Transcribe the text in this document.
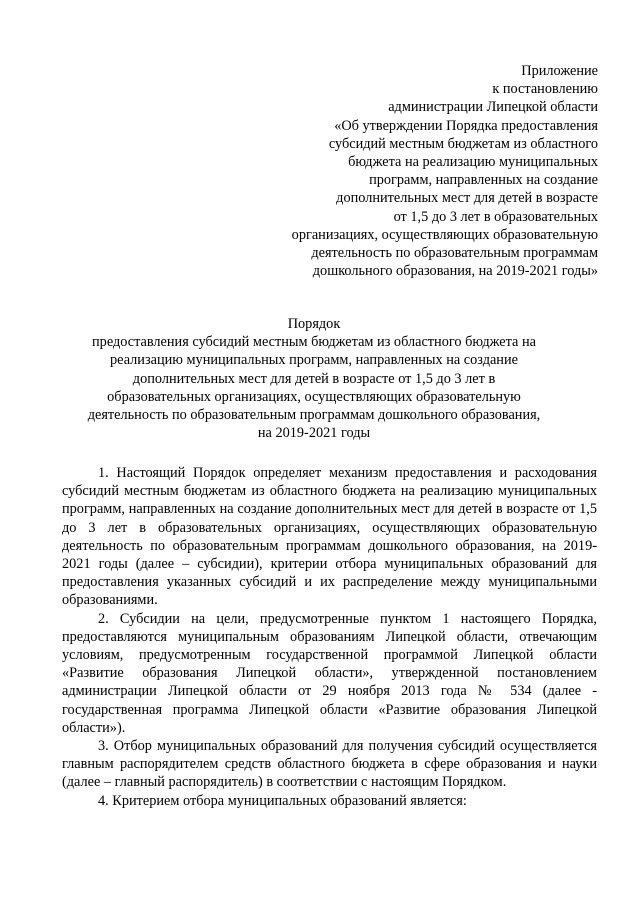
Приложение
к постановлению
администрации Липецкой области
«Об утверждении Порядка предоставления
субсидий местным бюджетам из областного
бюджета на реализацию муниципальных
программ, направленных на создание
дополнительных мест для детей в возрасте
от 1,5 до 3 лет в образовательных
организациях, осуществляющих образовательную
деятельность по образовательным программам
дошкольного образования, на 2019-2021 годы»
Порядок
предоставления субсидий местным бюджетам из областного бюджета на
реализацию муниципальных программ, направленных на создание
дополнительных мест для детей в возрасте от 1,5 до 3 лет в
образовательных организациях, осуществляющих образовательную
деятельность по образовательным программам дошкольного образования,
на 2019-2021 годы

1. Настоящий Порядок определяет механизм предоставления и расходования субсидий местным бюджетам из областного бюджета на реализацию муниципальных программ, направленных на создание дополнительных мест для детей в возрасте от 1,5 до 3 лет в образовательных организациях, осуществляющих образовательную деятельность по образовательным программам дошкольного образования, на 2019-2021 годы (далее – субсидии), критерии отбора муниципальных образований для предоставления указанных субсидий и их распределение между муниципальными образованиями.

2. Субсидии на цели, предусмотренные пунктом 1 настоящего Порядка, предоставляются муниципальным образованиям Липецкой области, отвечающим условиям, предусмотренным государственной программой Липецкой области «Развитие образования Липецкой области», утвержденной постановлением администрации Липецкой области от 29 ноября 2013 года № 534 (далее - государственная программа Липецкой области «Развитие образования Липецкой области»).

3. Отбор муниципальных образований для получения субсидий осуществляется главным распорядителем средств областного бюджета в сфере образования и науки (далее – главный распорядитель) в соответствии с настоящим Порядком.

4. Критерием отбора муниципальных образований является:
